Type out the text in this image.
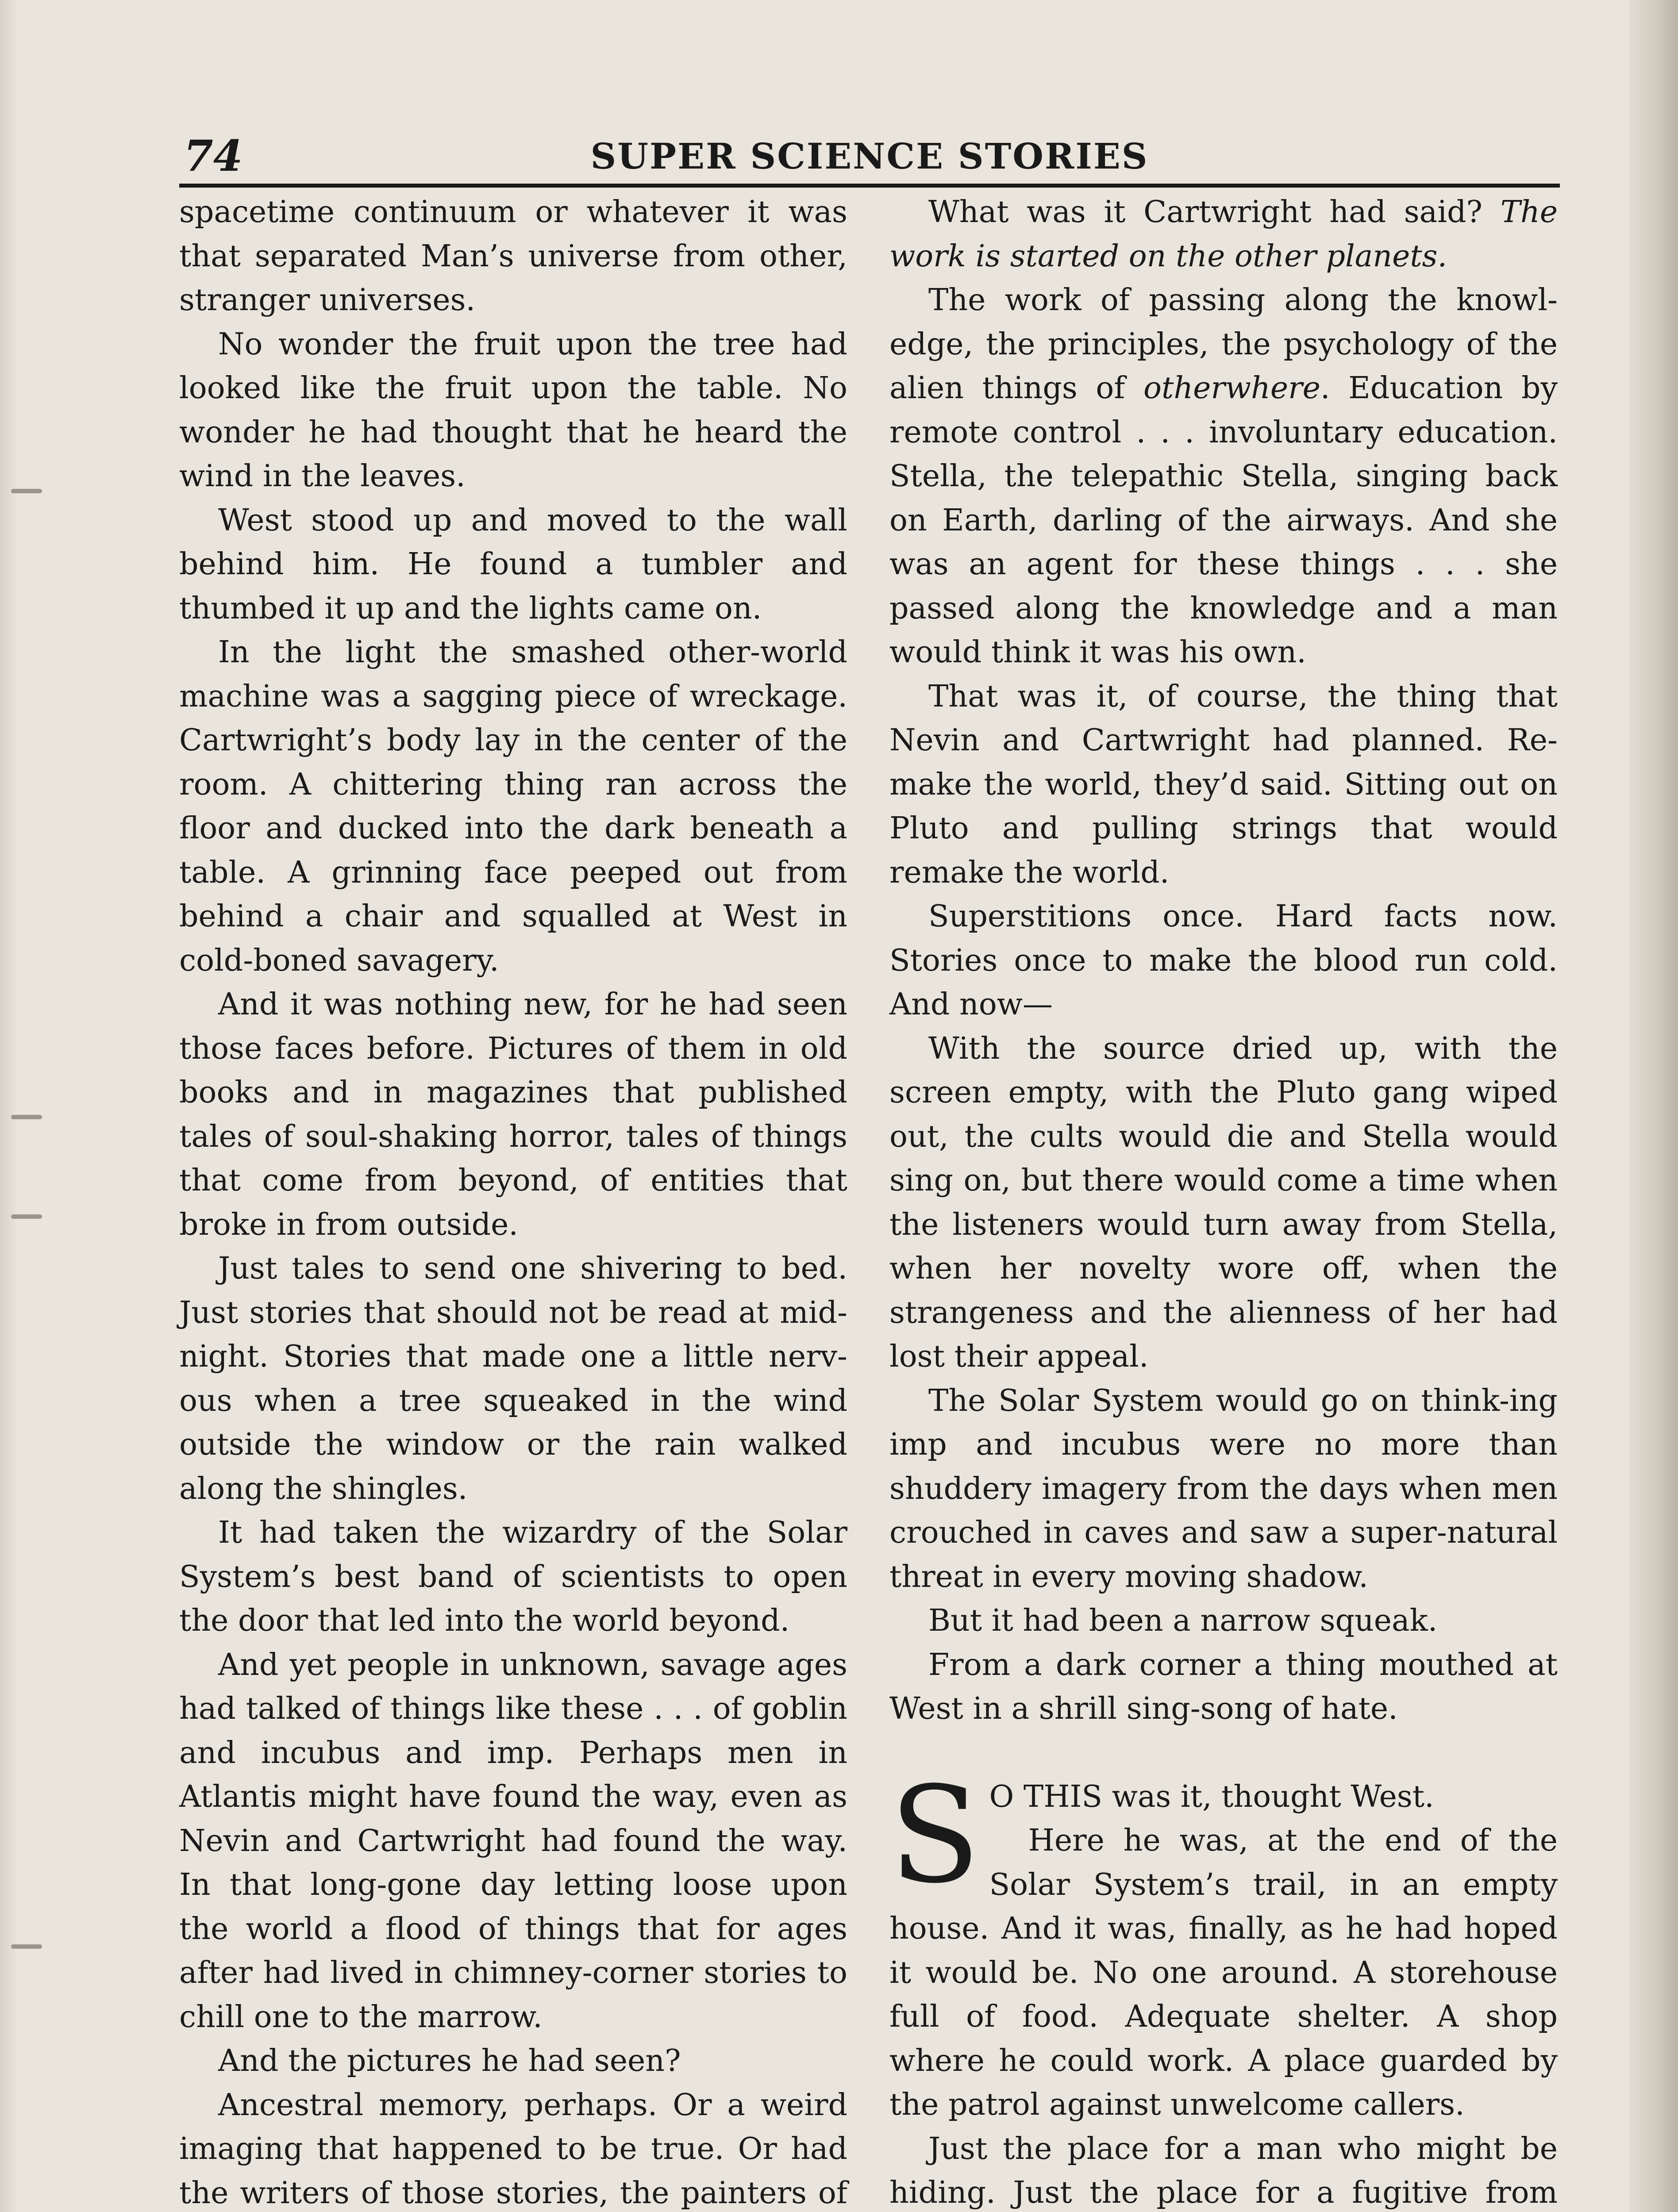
74	SUPER SCIENCE STORIES

spacetime continuum or whatever it was that separated Man’s universe from other, stranger universes.

No wonder the fruit upon the tree had looked like the fruit upon the table. No wonder he had thought that he heard the wind in the leaves.

West stood up and moved to the wall behind him. He found a tumbler and thumbed it up and the lights came on.

In the light the smashed other-world machine was a sagging piece of wreckage. Cartwright’s body lay in the center of the room. A chittering thing ran across the floor and ducked into the dark beneath a table. A grinning face peeped out from behind a chair and squalled at West in cold-boned savagery.

And it was nothing new, for he had seen those faces before. Pictures of them in old books and in magazines that published tales of soul-shaking horror, tales of things that come from beyond, of entities that broke in from outside.

Just tales to send one shivering to bed. Just stories that should not be read at mid-night. Stories that made one a little nerv-ous when a tree squeaked in the wind outside the window or the rain walked along the shingles.

It had taken the wizardry of the Solar System’s best band of scientists to open the door that led into the world beyond.

And yet people in unknown, savage ages had talked of things like these . . . of goblin and incubus and imp. Perhaps men in Atlantis might have found the way, even as Nevin and Cartwright had found the way. In that long-gone day letting loose upon the world a flood of things that for ages after had lived in chimney-corner stories to chill one to the marrow.

And the pictures he had seen?

Ancestral memory, perhaps. Or a weird imaging that happened to be true. Or had the writers of those stories, the painters of

What was it Cartwright had said? The work is started on the other planets.

The work of passing along the knowl-edge, the principles, the psychology of the alien things of otherwhere. Education by remote control . . . involuntary education. Stella, the telepathic Stella, singing back on Earth, darling of the airways. And she was an agent for these things . . . she passed along the knowledge and a man would think it was his own.

That was it, of course, the thing that Nevin and Cartwright had planned. Re-make the world, they’d said. Sitting out on Pluto and pulling strings that would remake the world.

Superstitions once. Hard facts now. Stories once to make the blood run cold. And now—

With the source dried up, with the screen empty, with the Pluto gang wiped out, the cults would die and Stella would sing on, but there would come a time when the listeners would turn away from Stella, when her novelty wore off, when the strangeness and the alienness of her had lost their appeal.

The Solar System would go on think-ing imp and incubus were no more than shuddery imagery from the days when men crouched in caves and saw a super-natural threat in every moving shadow.

But it had been a narrow squeak.

From a dark corner a thing mouthed at West in a shrill sing-song of hate.

S O THIS was it, thought West.
Here he was, at the end of the Solar System’s trail, in an empty house. And it was, finally, as he had hoped it would be. No one around. A storehouse full of food. Adequate shelter. A shop where he could work. A place guarded by the patrol against unwelcome callers.

Just the place for a man who might be hiding. Just the place for a fugitive from
